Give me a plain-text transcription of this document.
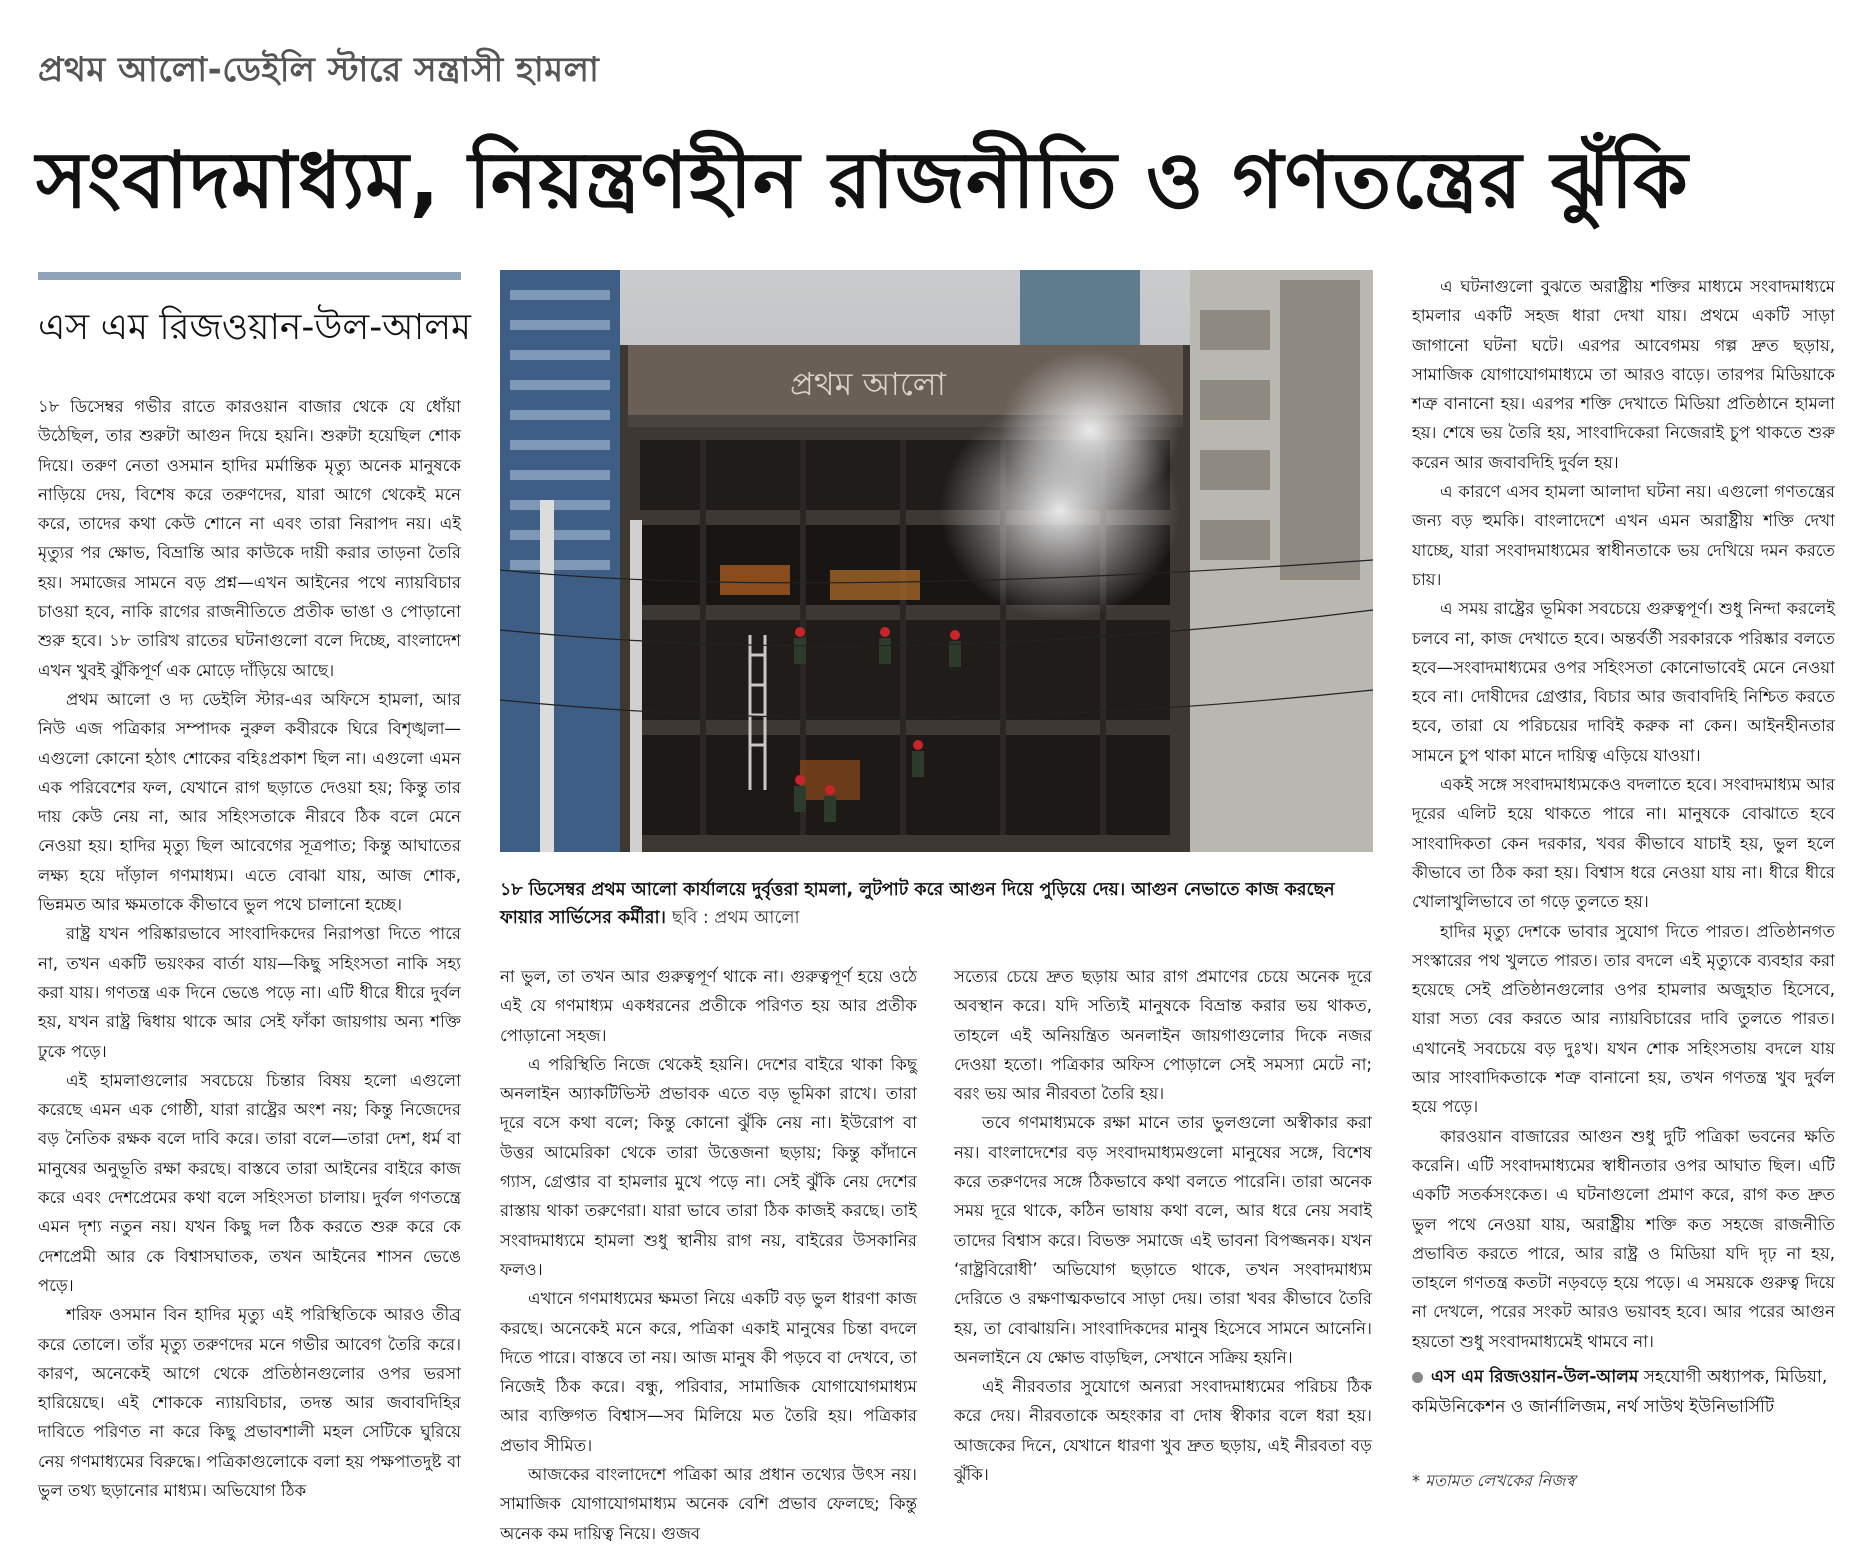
প্রথম আলো-ডেইলি স্টারে সন্ত্রাসী হামলা
সংবাদমাধ্যম, নিয়ন্ত্রণহীন রাজনীতি ও গণতন্ত্রের ঝুঁকি
এস এম রিজওয়ান-উল-আলম

১৮ ডিসেম্বর গভীর রাতে কারওয়ান বাজার থেকে যে ধোঁয়া উঠেছিল, তার শুরুটা আগুন দিয়ে হয়নি। শুরুটা হয়েছিল শোক দিয়ে। তরুণ নেতা ওসমান হাদির মর্মান্তিক মৃত্যু অনেক মানুষকে নাড়িয়ে দেয়, বিশেষ করে তরুণদের, যারা আগে থেকেই মনে করে, তাদের কথা কেউ শোনে না এবং তারা নিরাপদ নয়। এই মৃত্যুর পর ক্ষোভ, বিভ্রান্তি আর কাউকে দায়ী করার তাড়না তৈরি হয়। সমাজের সামনে বড় প্রশ্ন—এখন আইনের পথে ন্যায়বিচার চাওয়া হবে, নাকি রাগের রাজনীতিতে প্রতীক ভাঙা ও পোড়ানো শুরু হবে। ১৮ তারিখ রাতের ঘটনাগুলো বলে দিচ্ছে, বাংলাদেশ এখন খুবই ঝুঁকিপূর্ণ এক মোড়ে দাঁড়িয়ে আছে।

প্রথম আলো ও দ্য ডেইলি স্টার-এর অফিসে হামলা, আর নিউ এজ পত্রিকার সম্পাদক নুরুল কবীরকে ঘিরে বিশৃঙ্খলা—এগুলো কোনো হঠাৎ শোকের বহিঃপ্রকাশ ছিল না। এগুলো এমন এক পরিবেশের ফল, যেখানে রাগ ছড়াতে দেওয়া হয়; কিন্তু তার দায় কেউ নেয় না, আর সহিংসতাকে নীরবে ঠিক বলে মেনে নেওয়া হয়। হাদির মৃত্যু ছিল আবেগের সূত্রপাত; কিন্তু আঘাতের লক্ষ্য হয়ে দাঁড়াল গণমাধ্যম। এতে বোঝা যায়, আজ শোক, ভিন্নমত আর ক্ষমতাকে কীভাবে ভুল পথে চালানো হচ্ছে।

রাষ্ট্র যখন পরিষ্কারভাবে সাংবাদিকদের নিরাপত্তা দিতে পারে না, তখন একটি ভয়ংকর বার্তা যায়—কিছু সহিংসতা নাকি সহ্য করা যায়। গণতন্ত্র এক দিনে ভেঙে পড়ে না। এটি ধীরে ধীরে দুর্বল হয়, যখন রাষ্ট্র দ্বিধায় থাকে আর সেই ফাঁকা জায়গায় অন্য শক্তি ঢুকে পড়ে।

এই হামলাগুলোর সবচেয়ে চিন্তার বিষয় হলো এগুলো করেছে এমন এক গোষ্ঠী, যারা রাষ্ট্রের অংশ নয়; কিন্তু নিজেদের বড় নৈতিক রক্ষক বলে দাবি করে। তারা বলে—তারা দেশ, ধর্ম বা মানুষের অনুভূতি রক্ষা করছে। বাস্তবে তারা আইনের বাইরে কাজ করে এবং দেশপ্রেমের কথা বলে সহিংসতা চালায়। দুর্বল গণতন্ত্রে এমন দৃশ্য নতুন নয়। যখন কিছু দল ঠিক করতে শুরু করে কে দেশপ্রেমী আর কে বিশ্বাসঘাতক, তখন আইনের শাসন ভেঙে পড়ে।

শরিফ ওসমান বিন হাদির মৃত্যু এই পরিস্থিতিকে আরও তীব্র করে তোলে। তাঁর মৃত্যু তরুণদের মনে গভীর আবেগ তৈরি করে। কারণ, অনেকেই আগে থেকে প্রতিষ্ঠানগুলোর ওপর ভরসা হারিয়েছে। এই শোককে ন্যায়বিচার, তদন্ত আর জবাবদিহির দাবিতে পরিণত না করে কিছু প্রভাবশালী মহল সেটিকে ঘুরিয়ে নেয় গণমাধ্যমের বিরুদ্ধে। পত্রিকাগুলোকে বলা হয় পক্ষপাতদুষ্ট বা ভুল তথ্য ছড়ানোর মাধ্যম। অভিযোগ ঠিক

প্রথম আলো
১৮ ডিসেম্বর প্রথম আলো কার্যালয়ে দুর্বৃত্তরা হামলা, লুটপাট করে আগুন দিয়ে পুড়িয়ে দেয়। আগুন নেভাতে কাজ করছেন ফায়ার সার্ভিসের কর্মীরা। ছবি : প্রথম আলো

না ভুল, তা তখন আর গুরুত্বপূর্ণ থাকে না। গুরুত্বপূর্ণ হয়ে ওঠে এই যে গণমাধ্যম একধরনের প্রতীকে পরিণত হয় আর প্রতীক পোড়ানো সহজ।

এ পরিস্থিতি নিজে থেকেই হয়নি। দেশের বাইরে থাকা কিছু অনলাইন অ্যাকটিভিস্ট প্রভাবক এতে বড় ভূমিকা রাখে। তারা দূরে বসে কথা বলে; কিন্তু কোনো ঝুঁকি নেয় না। ইউরোপ বা উত্তর আমেরিকা থেকে তারা উত্তেজনা ছড়ায়; কিন্তু কাঁদানে গ্যাস, গ্রেপ্তার বা হামলার মুখে পড়ে না। সেই ঝুঁকি নেয় দেশের রাস্তায় থাকা তরুণেরা। যারা ভাবে তারা ঠিক কাজই করছে। তাই সংবাদমাধ্যমে হামলা শুধু স্থানীয় রাগ নয়, বাইরের উসকানির ফলও।

এখানে গণমাধ্যমের ক্ষমতা নিয়ে একটি বড় ভুল ধারণা কাজ করছে। অনেকেই মনে করে, পত্রিকা একাই মানুষের চিন্তা বদলে দিতে পারে। বাস্তবে তা নয়। আজ মানুষ কী পড়বে বা দেখবে, তা নিজেই ঠিক করে। বন্ধু, পরিবার, সামাজিক যোগাযোগমাধ্যম আর ব্যক্তিগত বিশ্বাস—সব মিলিয়ে মত তৈরি হয়। পত্রিকার প্রভাব সীমিত।

আজকের বাংলাদেশে পত্রিকা আর প্রধান তথ্যের উৎস নয়। সামাজিক যোগাযোগমাধ্যম অনেক বেশি প্রভাব ফেলছে; কিন্তু অনেক কম দায়িত্ব নিয়ে। গুজব

সত্যের চেয়ে দ্রুত ছড়ায় আর রাগ প্রমাণের চেয়ে অনেক দূরে অবস্থান করে। যদি সত্যিই মানুষকে বিভ্রান্ত করার ভয় থাকত, তাহলে এই অনিয়ন্ত্রিত অনলাইন জায়গাগুলোর দিকে নজর দেওয়া হতো। পত্রিকার অফিস পোড়ালে সেই সমস্যা মেটে না; বরং ভয় আর নীরবতা তৈরি হয়।

তবে গণমাধ্যমকে রক্ষা মানে তার ভুলগুলো অস্বীকার করা নয়। বাংলাদেশের বড় সংবাদমাধ্যমগুলো মানুষের সঙ্গে, বিশেষ করে তরুণদের সঙ্গে ঠিকভাবে কথা বলতে পারেনি। তারা অনেক সময় দূরে থাকে, কঠিন ভাষায় কথা বলে, আর ধরে নেয় সবাই তাদের বিশ্বাস করে। বিভক্ত সমাজে এই ভাবনা বিপজ্জনক। যখন ‘রাষ্ট্রবিরোধী’ অভিযোগ ছড়াতে থাকে, তখন সংবাদমাধ্যম দেরিতে ও রক্ষণাত্মকভাবে সাড়া দেয়। তারা খবর কীভাবে তৈরি হয়, তা বোঝায়নি। সাংবাদিকদের মানুষ হিসেবে সামনে আনেনি। অনলাইনে যে ক্ষোভ বাড়ছিল, সেখানে সক্রিয় হয়নি।

এই নীরবতার সুযোগে অন্যরা সংবাদমাধ্যমের পরিচয় ঠিক করে দেয়। নীরবতাকে অহংকার বা দোষ স্বীকার বলে ধরা হয়। আজকের দিনে, যেখানে ধারণা খুব দ্রুত ছড়ায়, এই নীরবতা বড় ঝুঁকি।

এ ঘটনাগুলো বুঝতে অরাষ্ট্রীয় শক্তির মাধ্যমে সংবাদমাধ্যমে হামলার একটি সহজ ধারা দেখা যায়। প্রথমে একটি সাড়া জাগানো ঘটনা ঘটে। এরপর আবেগময় গল্প দ্রুত ছড়ায়, সামাজিক যোগাযোগমাধ্যমে তা আরও বাড়ে। তারপর মিডিয়াকে শত্রু বানানো হয়। এরপর শক্তি দেখাতে মিডিয়া প্রতিষ্ঠানে হামলা হয়। শেষে ভয় তৈরি হয়, সাংবাদিকেরা নিজেরাই চুপ থাকতে শুরু করেন আর জবাবদিহি দুর্বল হয়।

এ কারণে এসব হামলা আলাদা ঘটনা নয়। এগুলো গণতন্ত্রের জন্য বড় হুমকি। বাংলাদেশে এখন এমন অরাষ্ট্রীয় শক্তি দেখা যাচ্ছে, যারা সংবাদমাধ্যমের স্বাধীনতাকে ভয় দেখিয়ে দমন করতে চায়।

এ সময় রাষ্ট্রের ভূমিকা সবচেয়ে গুরুত্বপূর্ণ। শুধু নিন্দা করলেই চলবে না, কাজ দেখাতে হবে। অন্তর্বর্তী সরকারকে পরিষ্কার বলতে হবে—সংবাদমাধ্যমের ওপর সহিংসতা কোনোভাবেই মেনে নেওয়া হবে না। দোষীদের গ্রেপ্তার, বিচার আর জবাবদিহি নিশ্চিত করতে হবে, তারা যে পরিচয়ের দাবিই করুক না কেন। আইনহীনতার সামনে চুপ থাকা মানে দায়িত্ব এড়িয়ে যাওয়া।

একই সঙ্গে সংবাদমাধ্যমকেও বদলাতে হবে। সংবাদমাধ্যম আর দূরের এলিট হয়ে থাকতে পারে না। মানুষকে বোঝাতে হবে সাংবাদিকতা কেন দরকার, খবর কীভাবে যাচাই হয়, ভুল হলে কীভাবে তা ঠিক করা হয়। বিশ্বাস ধরে নেওয়া যায় না। ধীরে ধীরে খোলাখুলিভাবে তা গড়ে তুলতে হয়।

হাদির মৃত্যু দেশকে ভাবার সুযোগ দিতে পারত। প্রতিষ্ঠানগত সংস্কারের পথ খুলতে পারত। তার বদলে এই মৃত্যুকে ব্যবহার করা হয়েছে সেই প্রতিষ্ঠানগুলোর ওপর হামলার অজুহাত হিসেবে, যারা সত্য বের করতে আর ন্যায়বিচারের দাবি তুলতে পারত। এখানেই সবচেয়ে বড় দুঃখ। যখন শোক সহিংসতায় বদলে যায় আর সাংবাদিকতাকে শত্রু বানানো হয়, তখন গণতন্ত্র খুব দুর্বল হয়ে পড়ে।

কারওয়ান বাজারের আগুন শুধু দুটি পত্রিকা ভবনের ক্ষতি করেনি। এটি সংবাদমাধ্যমের স্বাধীনতার ওপর আঘাত ছিল। এটি একটি সতর্কসংকেত। এ ঘটনাগুলো প্রমাণ করে, রাগ কত দ্রুত ভুল পথে নেওয়া যায়, অরাষ্ট্রীয় শক্তি কত সহজে রাজনীতি প্রভাবিত করতে পারে, আর রাষ্ট্র ও মিডিয়া যদি দৃঢ় না হয়, তাহলে গণতন্ত্র কতটা নড়বড়ে হয়ে পড়ে। এ সময়কে গুরুত্ব দিয়ে না দেখলে, পরের সংকট আরও ভয়াবহ হবে। আর পরের আগুন হয়তো শুধু সংবাদমাধ্যমেই থামবে না।

এস এম রিজওয়ান-উল-আলম সহযোগী অধ্যাপক, মিডিয়া, কমিউনিকেশন ও জার্নালিজম, নর্থ সাউথ ইউনিভার্সিটি
* মতামত লেখকের নিজস্ব
